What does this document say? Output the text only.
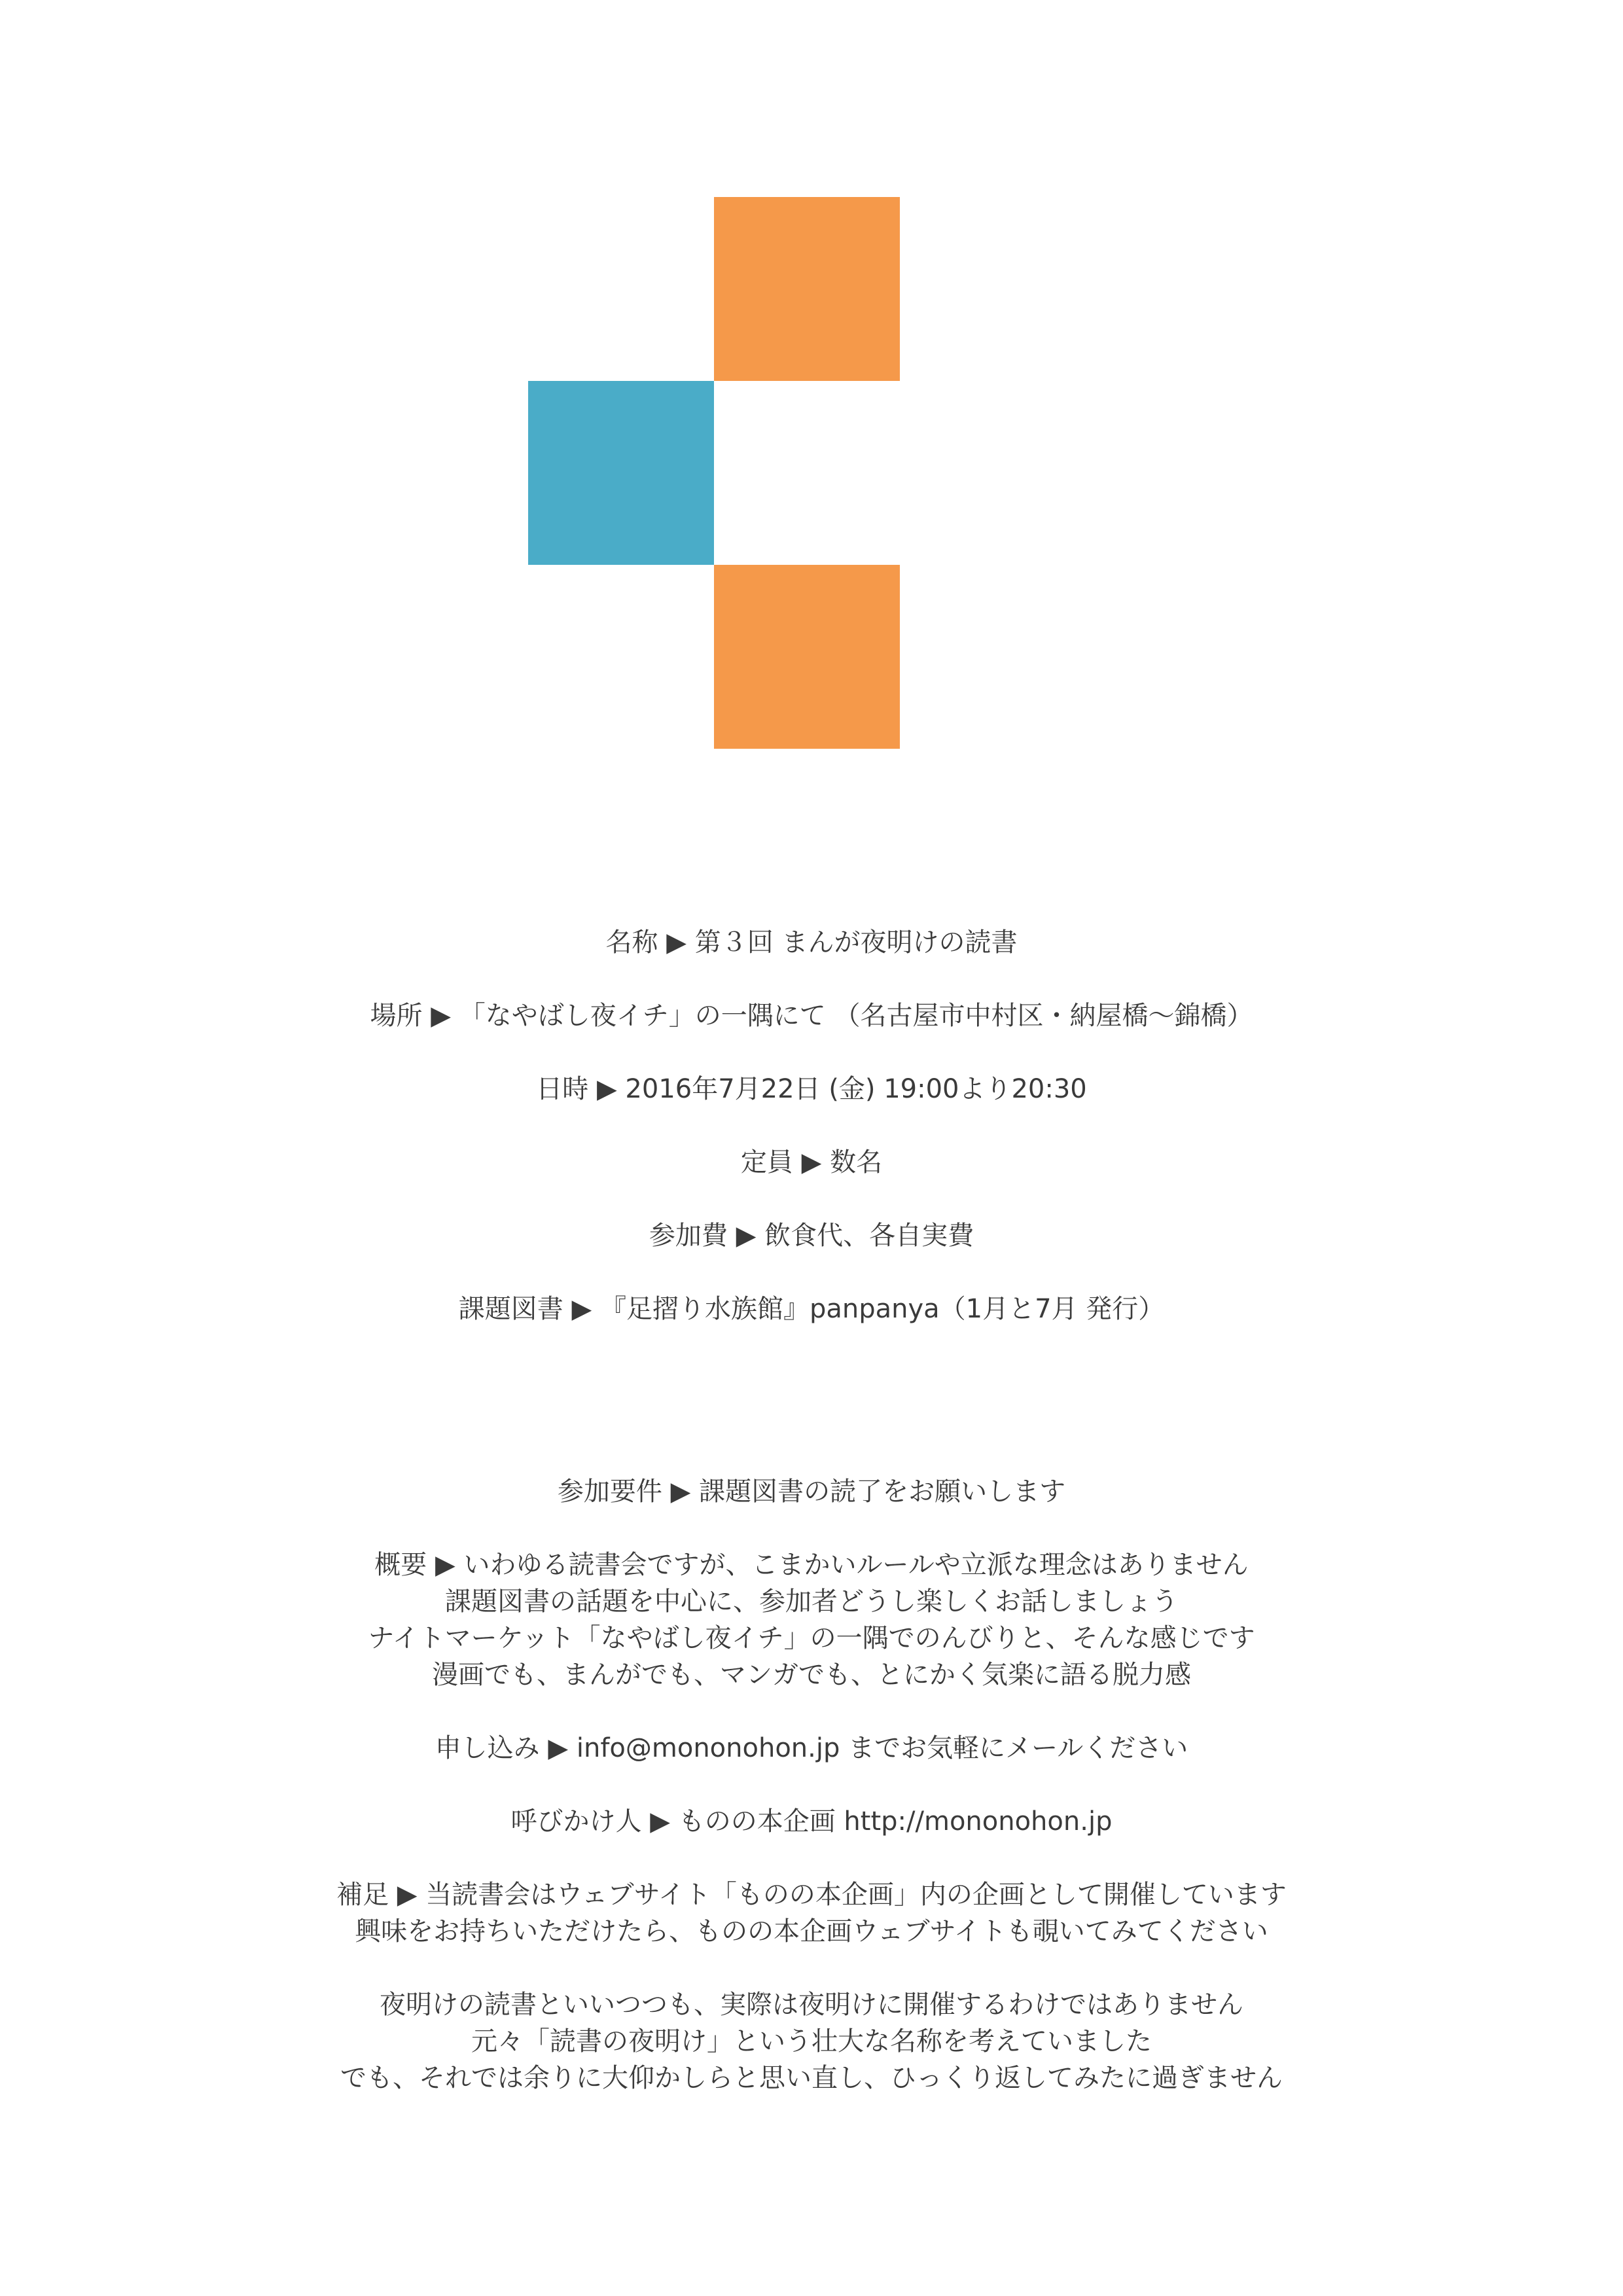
名称 ▶ 第３回 まんが夜明けの読書
場所 ▶ 「なやばし夜イチ」の一隅にて （名古屋市中村区・納屋橋〜錦橋）
日時 ▶ 2016年7月22日 (金) 19:00より20:30
定員 ▶ 数名
参加費 ▶ 飲食代、各自実費
課題図書 ▶ 『足摺り水族館』panpanya（1月と7月 発行）
参加要件 ▶ 課題図書の読了をお願いします
概要 ▶ いわゆる読書会ですが、こまかいルールや立派な理念はありません
課題図書の話題を中心に、参加者どうし楽しくお話しましょう
ナイトマーケット「なやばし夜イチ」の一隅でのんびりと、そんな感じです
漫画でも、まんがでも、マンガでも、とにかく気楽に語る脱力感
申し込み ▶ info@mononohon.jp までお気軽にメールください
呼びかけ人 ▶ ものの本企画 http://mononohon.jp
補足 ▶ 当読書会はウェブサイト「ものの本企画」内の企画として開催しています
興味をお持ちいただけたら、ものの本企画ウェブサイトも覗いてみてください
夜明けの読書といいつつも、実際は夜明けに開催するわけではありません
元々「読書の夜明け」という壮大な名称を考えていました
でも、それでは余りに大仰かしらと思い直し、ひっくり返してみたに過ぎません
